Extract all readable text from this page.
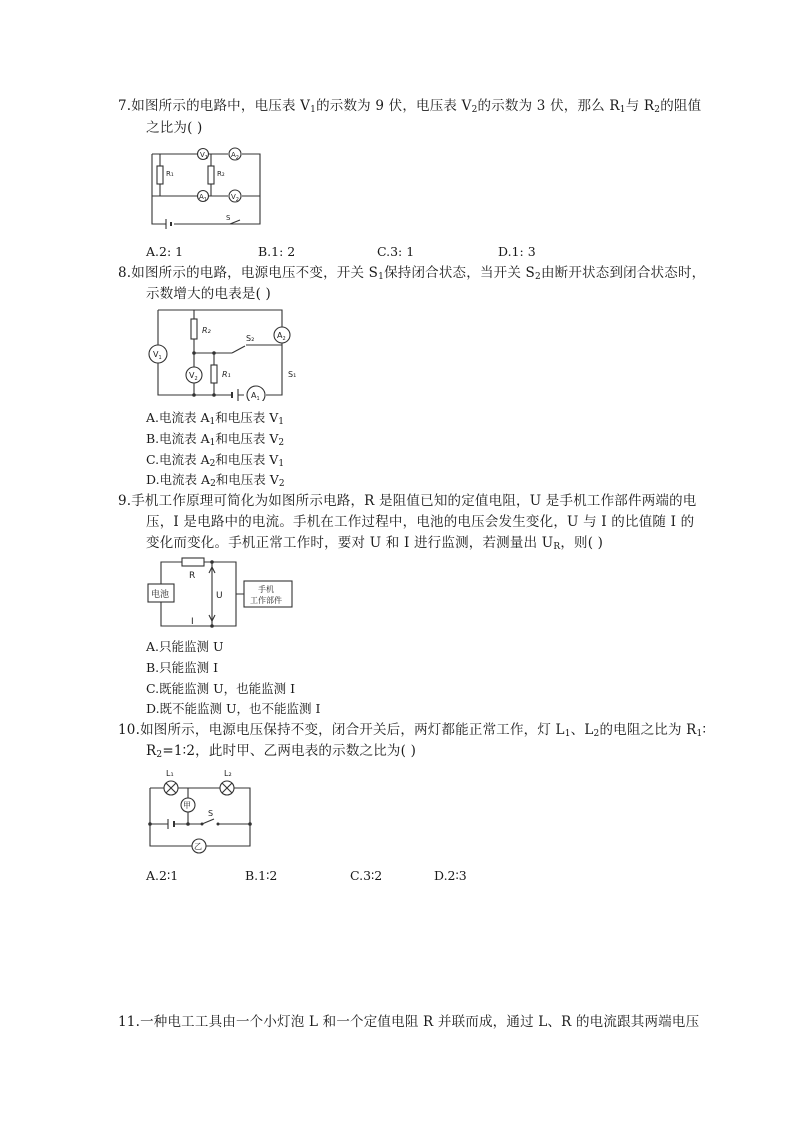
7.如图所示的电路中，电压表 $V_1$的示数为 9 伏，电压表 $V_2$的示数为 3 伏，那么 $R_1$与 $R_2$的阻值
之比为( )
$V_1$	$A_2$
$A_1$	$V_2$
R₁	R₂
S
A.2: 1	B.1: 2	C.3: 1	D.1: 3
8.如图所示的电路，电源电压不变，开关 $S_1$保持闭合状态，当开关 $S_2$由断开状态到闭合状态时，
示数增大的电表是( )
R₂
S₂
R₁	S₁
$A_2$
$V_1$
$V_2$
$A_1$
A.电流表 $A_1$和电压表 $V_1$
B.电流表 $A_1$和电压表 $V_2$
C.电流表 $A_2$和电压表 $V_1$
D.电流表 $A_2$和电压表 $V_2$
9.手机工作原理可简化为如图所示电路，R 是阻值已知的定值电阻，U 是手机工作部件两端的电
压，I 是电路中的电流。手机在工作过程中，电池的电压会发生变化，U 与 I 的比值随 I 的
变化而变化。手机正常工作时，要对 U 和 I 进行监测，若测量出 $U_R$，则( )
电池
R
U
I
手机
工作部件
A.只能监测 U
B.只能监测 I
C.既能监测 U，也能监测 I
D.既不能监测 U，也不能监测 I
10.如图所示，电源电压保持不变，闭合开关后，两灯都能正常工作，灯 $L_1$、$L_2$的电阻之比为 $R_1∶$
$R_2=1∶2$，此时甲、乙两电表的示数之比为( )
L₁	L₂
甲
乙
S
A.2∶1	B.1∶2	C.3∶2	D.2∶3
11.一种电工工具由一个小灯泡 L 和一个定值电阻 R 并联而成，通过 L、R 的电流跟其两端电压
